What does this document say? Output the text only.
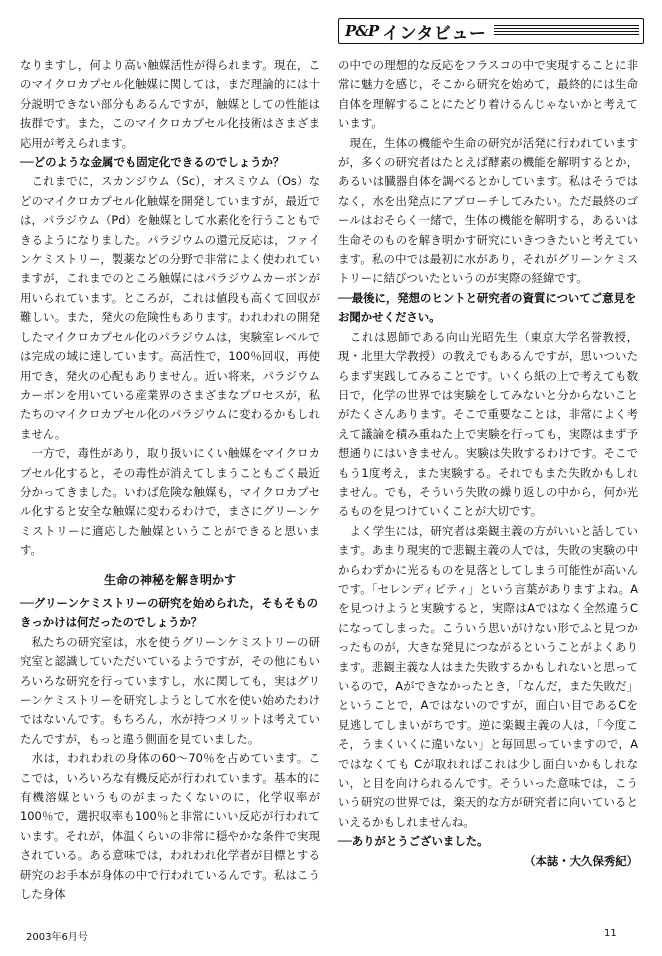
P&P インタビュー

なりますし，何より高い触媒活性が得られます。現在，このマイクロカプセル化触媒に関しては，まだ理論的には十分説明できない部分もあるんですが，触媒としての性能は抜群です。また，このマイクロカプセル化技術はさまざま応用が考えられます。

──どのような金属でも固定化できるのでしょうか？

　これまでに，スカンジウム（Sc），オスミウム（Os）などのマイクロカプセル化触媒を開発していますが，最近では，パラジウム（Pd）を触媒として水素化を行うこともできるようになりました。パラジウムの還元反応は，ファインケミストリー，製薬などの分野で非常によく使われていますが，これまでのところ触媒にはパラジウムカーボンが用いられています。ところが，これは値段も高くて回収が難しい。また，発火の危険性もあります。われわれの開発したマイクロカプセル化のパラジウムは，実験室レベルでは完成の域に達しています。高活性で，100％回収，再使用でき，発火の心配もありません。近い将来，パラジウムカーボンを用いている産業界のさまざまなプロセスが，私たちのマイクロカプセル化のパラジウムに変わるかもしれません。

　一方で，毒性があり，取り扱いにくい触媒をマイクロカプセル化すると，その毒性が消えてしまうこともごく最近分かってきました。いわば危険な触媒も，マイクロカプセル化すると安全な触媒に変わるわけで，まさにグリーンケミストリーに適応した触媒ということができると思います。

生命の神秘を解き明かす

──グリーンケミストリーの研究を始められた，そもそものきっかけは何だったのでしょうか？

　私たちの研究室は，水を使うグリーンケミストリーの研究室と認識していただいているようですが，その他にもいろいろな研究を行っていますし，水に関しても，実はグリーンケミストリーを研究しようとして水を使い始めたわけではないんです。もちろん，水が持つメリットは考えていたんですが，もっと違う側面を見ていました。

　水は，われわれの身体の60～70％を占めています。ここでは，いろいろな有機反応が行われています。基本的に有機溶媒というものがまったくないのに，化学収率が100％で，選択収率も100％と非常にいい反応が行われています。それが，体温くらいの非常に穏やかな条件で実現されている。ある意味では，われわれ化学者が目標とする研究のお手本が身体の中で行われているんです。私はこうした身体

の中での理想的な反応をフラスコの中で実現することに非常に魅力を感じ，そこから研究を始めて，最終的には生命自体を理解することにたどり着けるんじゃないかと考えています。

　現在，生体の機能や生命の研究が活発に行われていますが，多くの研究者はたとえば酵素の機能を解明するとか，あるいは臓器自体を調べるとかしています。私はそうではなく，水を出発点にアプローチしてみたい。ただ最終のゴールはおそらく一緒で，生体の機能を解明する，あるいは生命そのものを解き明かす研究にいきつきたいと考えています。私の中では最初に水があり，それがグリーンケミストリーに結びついたというのが実際の経緯です。

──最後に，発想のヒントと研究者の資質についてご意見をお聞かせください。

　これは恩師である向山光昭先生（東京大学名誉教授，現・北里大学教授）の教えでもあるんですが，思いついたらまず実践してみることです。いくら紙の上で考えても数日で，化学の世界では実験をしてみないと分からないことがたくさんあります。そこで重要なことは，非常によく考えて議論を積み重ねた上で実験を行っても，実際はまず予想通りにはいきません。実験は失敗するわけです。そこでもう1度考え，また実験する。それでもまた失敗かもしれません。でも，そういう失敗の繰り返しの中から，何か光るものを見つけていくことが大切です。

　よく学生には，研究者は楽観主義の方がいいと話しています。あまり現実的で悲観主義の人では，失敗の実験の中からわずかに光るものを見落としてしまう可能性が高いんです。「セレンディピティ」という言葉がありますよね。Aを見つけようと実験すると，実際はAではなく全然違うCになってしまった。こういう思いがけない形でふと見つかったものが，大きな発見につながるということがよくあります。悲観主義な人はまた失敗するかもしれないと思っているので，Aができなかったとき，「なんだ，また失敗だ」ということで，Aではないのですが，面白い目であるCを見逃してしまいがちです。逆に楽観主義の人は，「今度こそ，うまくいくに違いない」と毎回思っていますので，Aではなくても Cが取れればこれは少し面白いかもしれない，と目を向けられるんです。そういった意味では，こういう研究の世界では，楽天的な方が研究者に向いているといえるかもしれませんね。

──ありがとうございました。

（本誌・大久保秀紀）

2003年6月号	11
